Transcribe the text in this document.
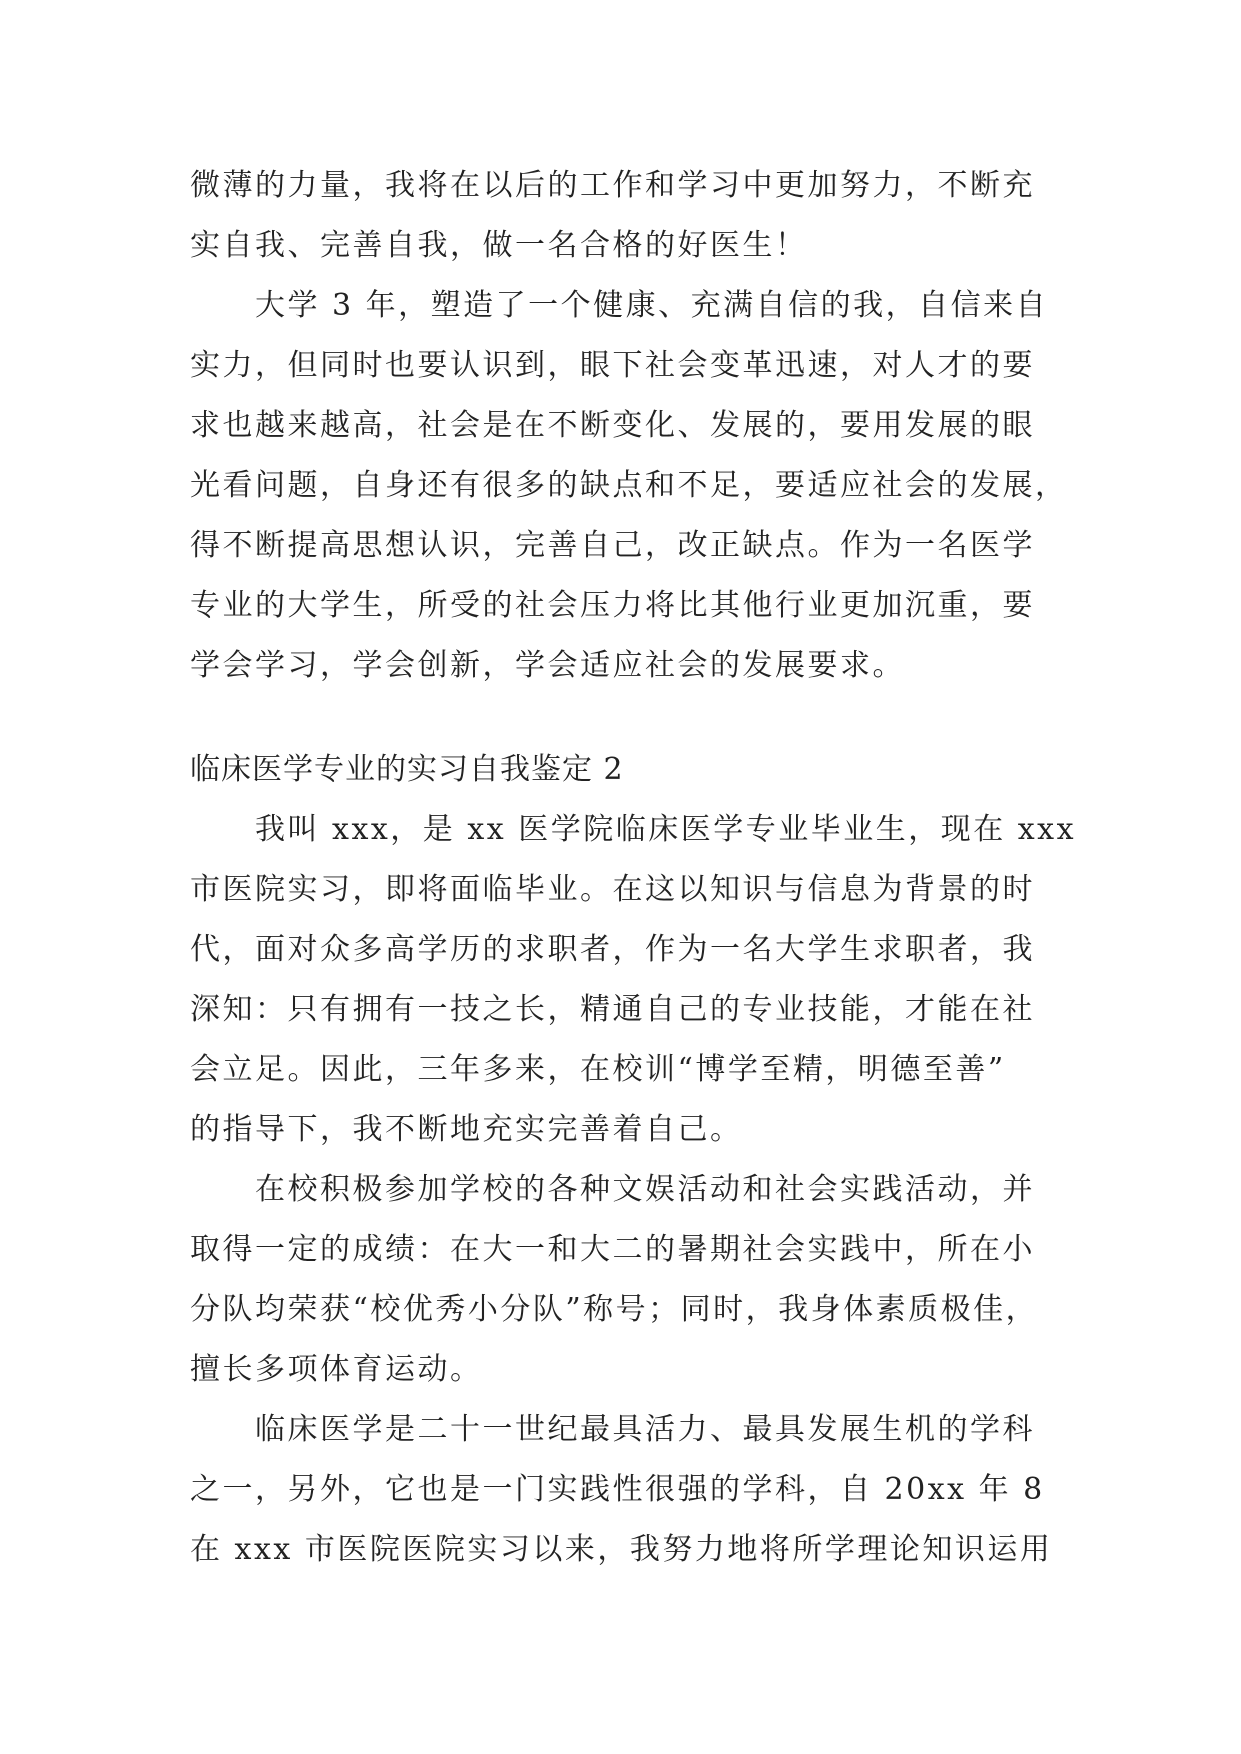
微薄的力量，我将在以后的工作和学习中更加努力，不断充
实自我、完善自我，做一名合格的好医生！
大学 3 年，塑造了一个健康、充满自信的我，自信来自
实力，但同时也要认识到，眼下社会变革迅速，对人才的要
求也越来越高，社会是在不断变化、发展的，要用发展的眼
光看问题，自身还有很多的缺点和不足，要适应社会的发展，
得不断提高思想认识，完善自己，改正缺点。作为一名医学
专业的大学生，所受的社会压力将比其他行业更加沉重，要
学会学习，学会创新，学会适应社会的发展要求。
临床医学专业的实习自我鉴定 2
我叫 xxx，是 xx 医学院临床医学专业毕业生，现在 xxx
市医院实习，即将面临毕业。在这以知识与信息为背景的时
代，面对众多高学历的求职者，作为一名大学生求职者，我
深知：只有拥有一技之长，精通自己的专业技能，才能在社
会立足。因此，三年多来，在校训“博学至精，明德至善”
的指导下，我不断地充实完善着自己。
在校积极参加学校的各种文娱活动和社会实践活动，并
取得一定的成绩：在大一和大二的暑期社会实践中，所在小
分队均荣获“校优秀小分队”称号；同时，我身体素质极佳，
擅长多项体育运动。
临床医学是二十一世纪最具活力、最具发展生机的学科
之一，另外，它也是一门实践性很强的学科，自 20xx 年 8
在 xxx 市医院医院实习以来，我努力地将所学理论知识运用
